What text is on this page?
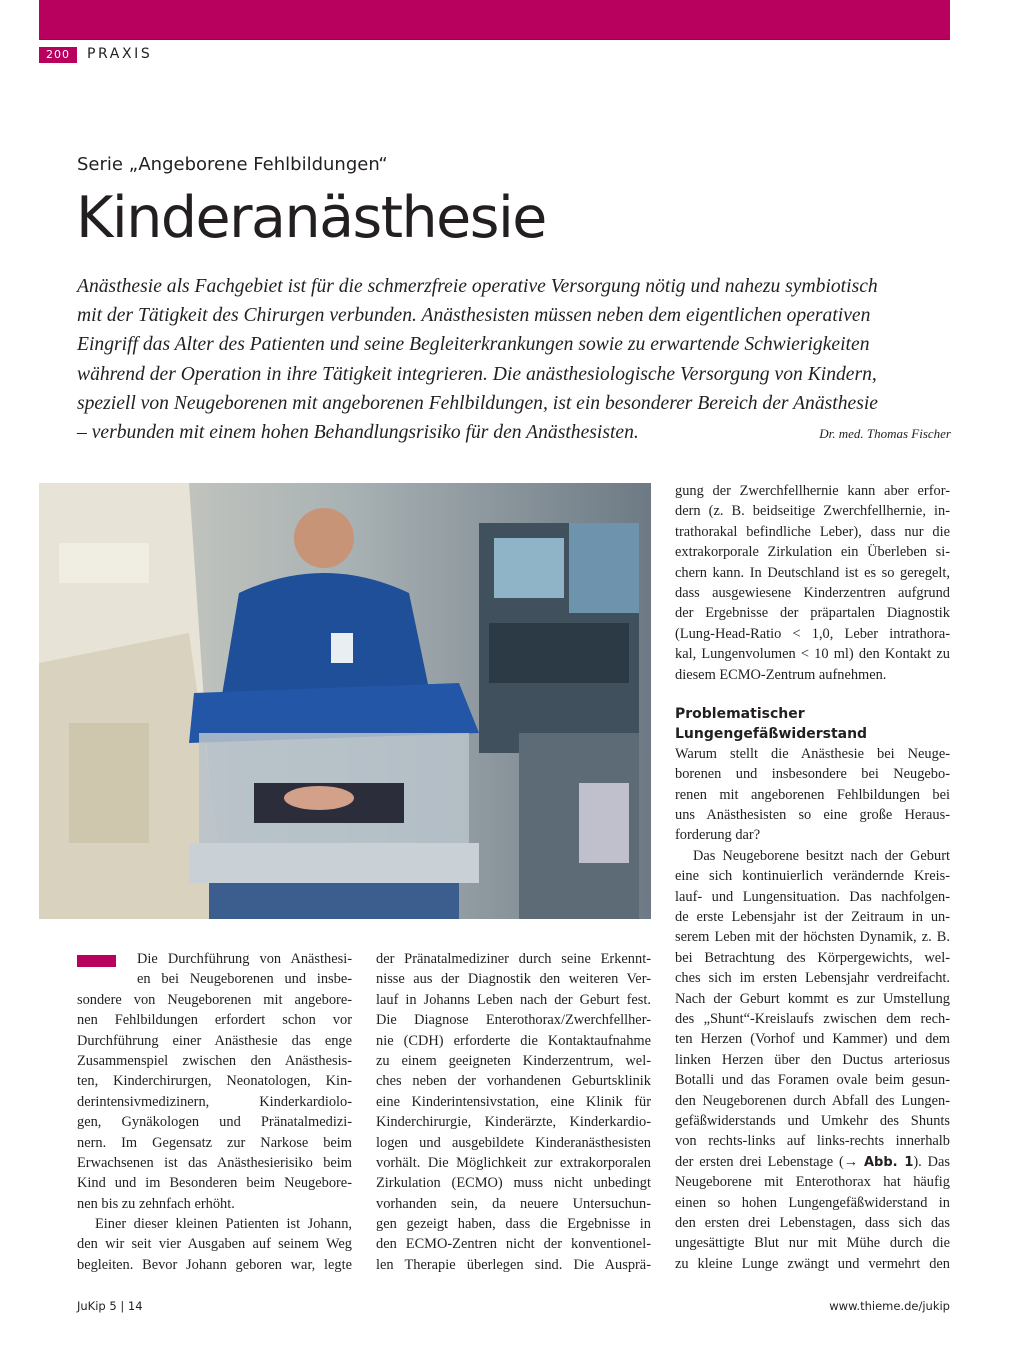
200	PRAXIS
Serie „Angeborene Fehlbildungen“
Kinderanästhesie
Anästhesie als Fachgebiet ist für die schmerzfreie operative Versorgung nötig und nahezu symbiotisch
mit der Tätigkeit des Chirurgen verbunden. Anästhesisten müssen neben dem eigentlichen operativen
Eingriff das Alter des Patienten und seine Begleiterkrankungen sowie zu erwartende Schwierigkeiten
während der Operation in ihre Tätigkeit integrieren. Die anästhesiologische Versorgung von Kindern,
speziell von Neugeborenen mit angeborenen Fehlbildungen, ist ein besonderer Bereich der Anästhesie
– verbunden mit einem hohen Behandlungsrisiko für den Anästhesisten.	Dr. med. Thomas Fischer
Die Durchführung von Anästhesi-
en bei Neugeborenen und insbe-
sondere von Neugeborenen mit angebore-
nen Fehlbildungen erfordert schon vor
Durchführung einer Anästhesie das enge
Zusammenspiel zwischen den Anästhesis-
ten, Kinderchirurgen, Neonatologen, Kin-
derintensivmedizinern, Kinderkardiolo-
gen, Gynäkologen und Pränatalmedizi-
nern. Im Gegensatz zur Narkose beim
Erwachsenen ist das Anästhesierisiko beim
Kind und im Besonderen beim Neugebore-
nen bis zu zehnfach erhöht.
Einer dieser kleinen Patienten ist Johann,
den wir seit vier Ausgaben auf seinem Weg
begleiten. Bevor Johann geboren war, legte
der Pränatalmediziner durch seine Erkennt-
nisse aus der Diagnostik den weiteren Ver-
lauf in Johanns Leben nach der Geburt fest.
Die Diagnose Enterothorax/Zwerchfellher-
nie (CDH) erforderte die Kontaktaufnahme
zu einem geeigneten Kinderzentrum, wel-
ches neben der vorhandenen Geburtsklinik
eine Kinderintensivstation, eine Klinik für
Kinderchirurgie, Kinderärzte, Kinderkardio-
logen und ausgebildete Kinderanästhesisten
vorhält. Die Möglichkeit zur extrakorporalen
Zirkulation (ECMO) muss nicht unbedingt
vorhanden sein, da neuere Untersuchun-
gen gezeigt haben, dass die Ergebnisse in
den ECMO-Zentren nicht der konventionel-
len Therapie überlegen sind. Die Ausprä-
gung der Zwerchfellhernie kann aber erfor-
dern (z. B. beidseitige Zwerchfellhernie, in-
trathorakal befindliche Leber), dass nur die
extrakorporale Zirkulation ein Überleben si-
chern kann. In Deutschland ist es so geregelt,
dass ausgewiesene Kinderzentren aufgrund
der Ergebnisse der präpartalen Diagnostik
(Lung-Head-Ratio < 1,0, Leber intrathora-
kal, Lungenvolumen < 10 ml) den Kontakt zu
diesem ECMO-Zentrum aufnehmen.
Problematischer
Lungengefäßwiderstand
Warum stellt die Anästhesie bei Neuge-
borenen und insbesondere bei Neugebo-
renen mit angeborenen Fehlbildungen bei
uns Anästhesisten so eine große Heraus-
forderung dar?
Das Neugeborene besitzt nach der Geburt
eine sich kontinuierlich verändernde Kreis-
lauf- und Lungensituation. Das nachfolgen-
de erste Lebensjahr ist der Zeitraum in un-
serem Leben mit der höchsten Dynamik, z. B.
bei Betrachtung des Körpergewichts, wel-
ches sich im ersten Lebensjahr verdreifacht.
Nach der Geburt kommt es zur Umstellung
des „Shunt“-Kreislaufs zwischen dem rech-
ten Herzen (Vorhof und Kammer) und dem
linken Herzen über den Ductus arteriosus
Botalli und das Foramen ovale beim gesun-
den Neugeborenen durch Abfall des Lungen-
gefäßwiderstands und Umkehr des Shunts
von rechts-links auf links-rechts innerhalb
der ersten drei Lebenstage (→ Abb. 1). Das
Neugeborene mit Enterothorax hat häufig
einen so hohen Lungengefäßwiderstand in
den ersten drei Lebenstagen, dass sich das
ungesättigte Blut nur mit Mühe durch die
zu kleine Lunge zwängt und vermehrt den
JuKip 5 | 14	www.thieme.de/jukip
